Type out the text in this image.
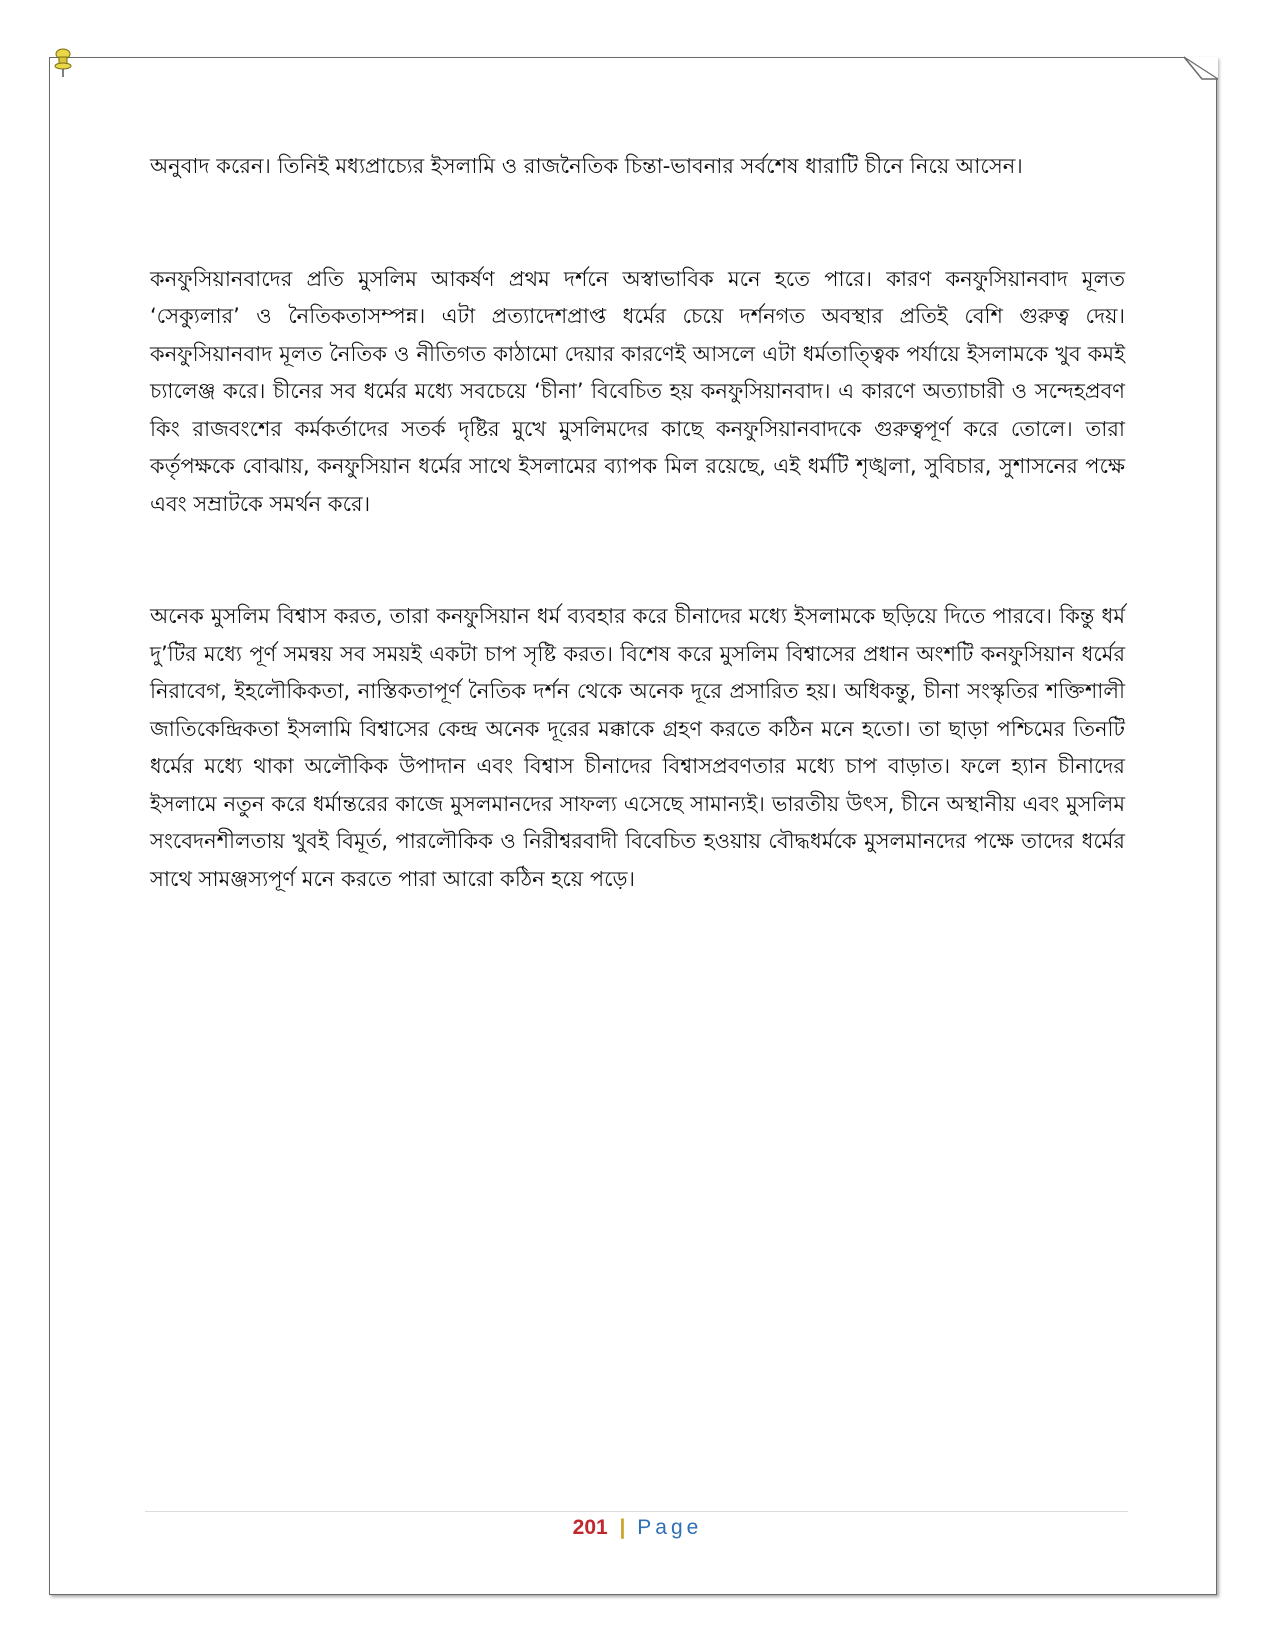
অনুবাদ করেন। তিনিই মধ্যপ্রাচ্যের ইসলামি ও রাজনৈতিক চিন্তা-ভাবনার সর্বশেষ ধারাটি চীনে নিয়ে আসেন।

কনফুসিয়ানবাদের প্রতি মুসলিম আকর্ষণ প্রথম দর্শনে অস্বাভাবিক মনে হতে পারে। কারণ কনফুসিয়ানবাদ মূলত ‘সেক্যুলার’ ও নৈতিকতাসম্পন্ন। এটা প্রত্যাদেশপ্রাপ্ত ধর্মের চেয়ে দর্শনগত অবস্থার প্রতিই বেশি গুরুত্ব দেয়। কনফুসিয়ানবাদ মূলত নৈতিক ও নীতিগত কাঠামো দেয়ার কারণেই আসলে এটা ধর্মতাত্ত্বিক পর্যায়ে ইসলামকে খুব কমই চ্যালেঞ্জ করে। চীনের সব ধর্মের মধ্যে সবচেয়ে ‘চীনা’ বিবেচিত হয় কনফুসিয়ানবাদ। এ কারণে অত্যাচারী ও সন্দেহপ্রবণ কিং রাজবংশের কর্মকর্তাদের সতর্ক দৃষ্টির মুখে মুসলিমদের কাছে কনফুসিয়ানবাদকে গুরুত্বপূর্ণ করে তোলে। তারা কর্তৃপক্ষকে বোঝায়, কনফুসিয়ান ধর্মের সাথে ইসলামের ব্যাপক মিল রয়েছে, এই ধর্মটি শৃঙ্খলা, সুবিচার, সুশাসনের পক্ষে এবং সম্রাটকে সমর্থন করে।

অনেক মুসলিম বিশ্বাস করত, তারা কনফুসিয়ান ধর্ম ব্যবহার করে চীনাদের মধ্যে ইসলামকে ছড়িয়ে দিতে পারবে। কিন্তু ধর্ম দু’টির মধ্যে পূর্ণ সমন্বয় সব সময়ই একটা চাপ সৃষ্টি করত। বিশেষ করে মুসলিম বিশ্বাসের প্রধান অংশটি কনফুসিয়ান ধর্মের নিরাবেগ, ইহলৌকিকতা, নাস্তিকতাপূর্ণ নৈতিক দর্শন থেকে অনেক দূরে প্রসারিত হয়। অধিকন্তু, চীনা সংস্কৃতির শক্তিশালী জাতিকেন্দ্রিকতা ইসলামি বিশ্বাসের কেন্দ্র অনেক দূরের মক্কাকে গ্রহণ করতে কঠিন মনে হতো। তা ছাড়া পশ্চিমের তিনটি ধর্মের মধ্যে থাকা অলৌকিক উপাদান এবং বিশ্বাস চীনাদের বিশ্বাসপ্রবণতার মধ্যে চাপ বাড়াত। ফলে হ্যান চীনাদের ইসলামে নতুন করে ধর্মান্তরের কাজে মুসলমানদের সাফল্য এসেছে সামান্যই। ভারতীয় উৎস, চীনে অস্থানীয় এবং মুসলিম সংবেদনশীলতায় খুবই বিমূর্ত, পারলৌকিক ও নিরীশ্বরবাদী বিবেচিত হওয়ায় বৌদ্ধধর্মকে মুসলমানদের পক্ষে তাদের ধর্মের সাথে সামঞ্জস্যপূর্ণ মনে করতে পারা আরো কঠিন হয়ে পড়ে।

201 | Page
